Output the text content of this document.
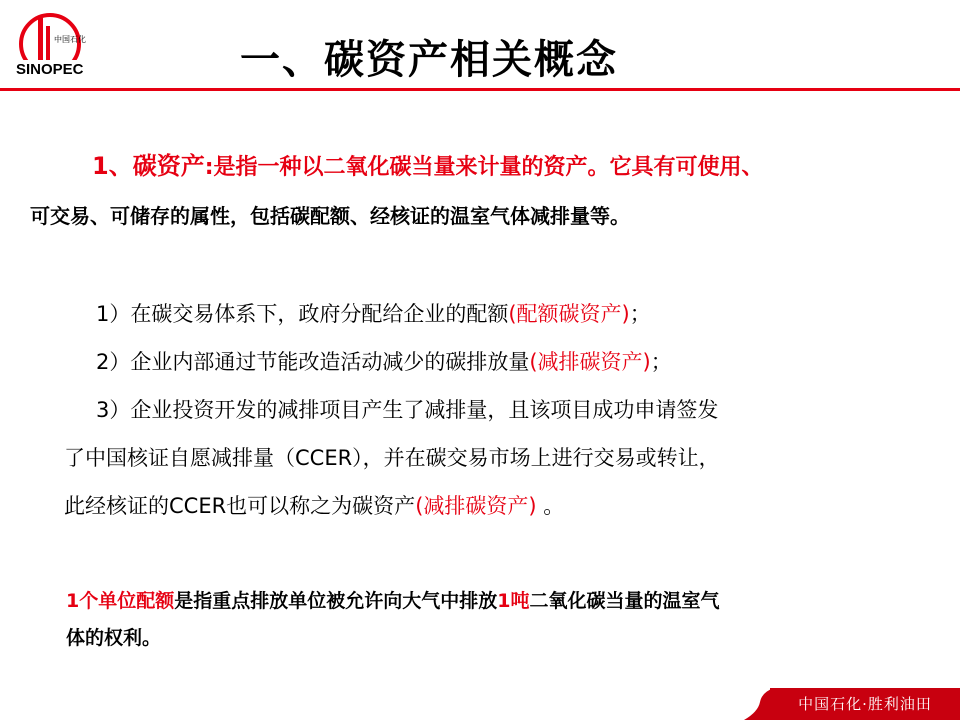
SINOPEC
中国石化	一、碳资产相关概念
1、碳资产:是指一种以二氧化碳当量来计量的资产。它具有可使用、
可交易、可储存的属性，包括碳配额、经核证的温室气体减排量等。
1）在碳交易体系下，政府分配给企业的配额(配额碳资产)；
2）企业内部通过节能改造活动减少的碳排放量(减排碳资产)；
3）企业投资开发的减排项目产生了减排量，且该项目成功申请签发
了中国核证自愿减排量（CCER），并在碳交易市场上进行交易或转让，
此经核证的CCER也可以称之为碳资产(减排碳资产) 。
1个单位配额是指重点排放单位被允许向大气中排放1吨二氧化碳当量的温室气
体的权利。
中国石化·胜利油田
